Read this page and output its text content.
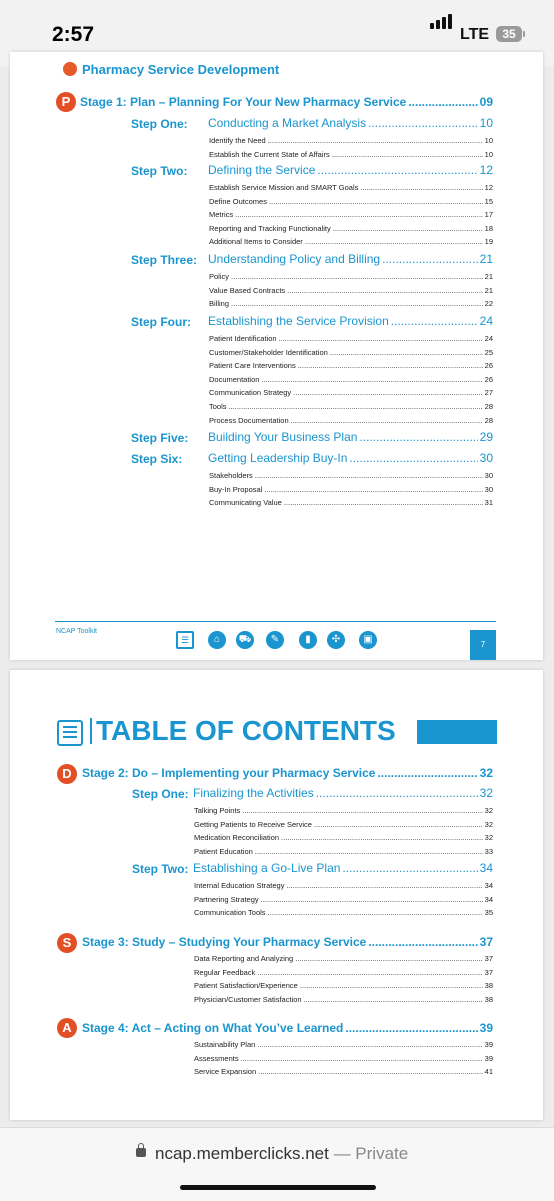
2:57	LTE	35
Pharmacy Service Development
P Stage 1: Plan – Planning For Your New Pharmacy Service .....	09
Step One: Conducting a Market Analysis .....	10
Identify the Need .....	10
Establish the Current State of Affairs .....	10
Step Two: Defining the Service .....	12
Establish Service Mission and SMART Goals .....	12
Define Outcomes .....	15
Metrics .....	17
Reporting and Tracking Functionality .....	18
Additional Items to Consider .....	19
Step Three: Understanding Policy and Billing .....	21
Policy .....	21
Value Based Contracts .....	21
Billing .....	22
Step Four: Establishing the Service Provision .....	24
Patient Identification .....	24
Customer/Stakeholder Identification .....	25
Patient Care Interventions .....	26
Documentation .....	26
Communication Strategy .....	27
Tools .....	28
Process Documentation .....	28
Step Five: Building Your Business Plan .....	29
Step Six: Getting Leadership Buy-In .....	30
Stakeholders .....	30
Buy-In Proposal .....	30
Communicating Value .....	31
NCAP Toolkit
☰	⌂	⛟	✎	▮	✣	▣	7
TABLE OF CONTENTS
D Stage 2: Do – Implementing your Pharmacy Service .....	32
Step One: Finalizing the Activities .....	32
Talking Points .....	32
Getting Patients to Receive Service .....	32
Medication Reconciliation .....	32
Patient Education .....	33
Step Two: Establishing a Go-Live Plan .....	34
Internal Education Strategy .....	34
Partnering Strategy .....	34
Communication Tools .....	35
S Stage 3: Study – Studying Your Pharmacy Service .....	37
Data Reporting and Analyzing .....	37
Regular Feedback .....	37
Patient Satisfaction/Experience .....	38
Physician/Customer Satisfaction .....	38
A Stage 4: Act – Acting on What You’ve Learned .....	39
Sustainability Plan .....	39
Assessments .....	39
Service Expansion .....	41
ncap.memberclicks.net — Private
